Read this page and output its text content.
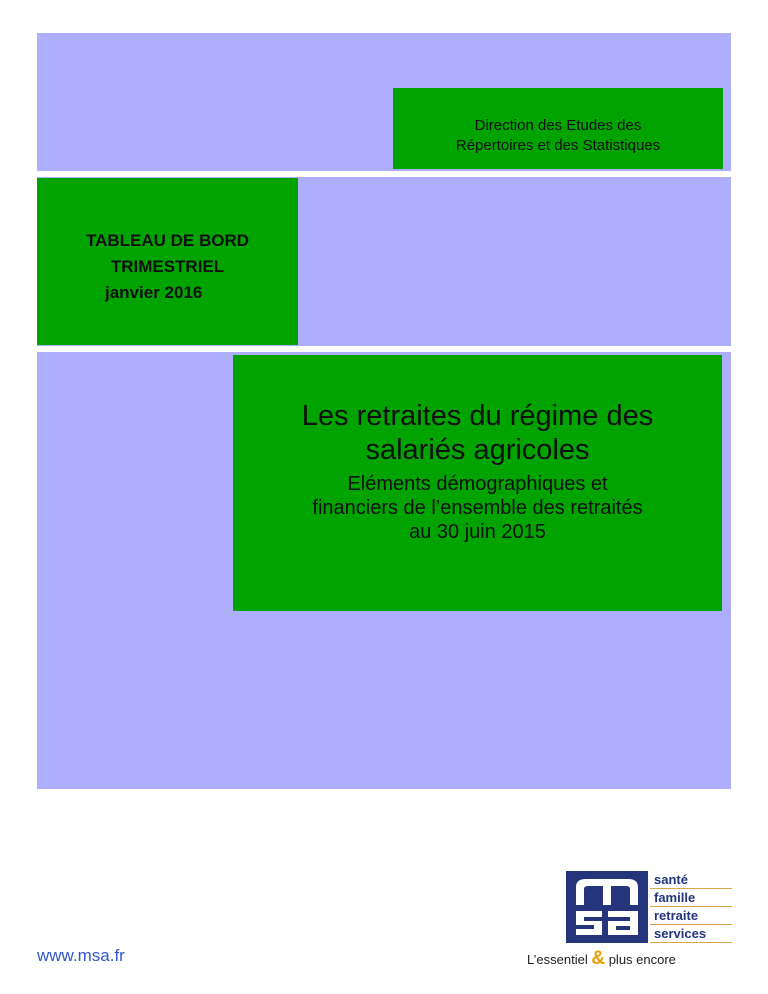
Direction des Etudes des
Répertoires et des Statistiques
TABLEAU DE BORD
TRIMESTRIEL
janvier 2016
Les retraites du régime des
salariés agricoles
Eléments démographiques et
financiers de l’ensemble des retraités
au 30 juin 2015
www.msa.fr
santé
famille
retraite
services
L’essentiel & plus encore
